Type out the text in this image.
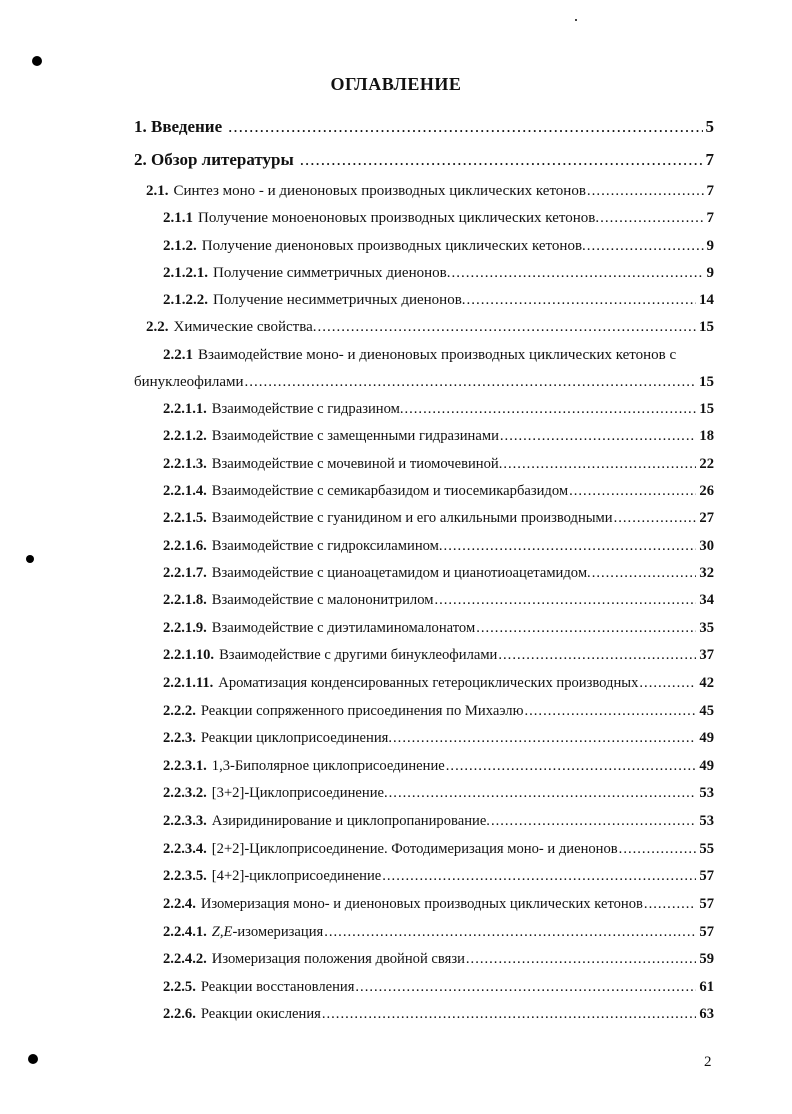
ОГЛАВЛЕНИЕ
1. Введение .....	5
2. Обзор литературы .....	7
2.1. Синтез моно - и диеноновых производных циклических кетонов .....	7
2.1.1 Получение моноеноновых производных циклических кетонов. .....	7
2.1.2. Получение диеноновых производных циклических кетонов. .....	9
2.1.2.1. Получение симметричных диенонов. .....	9
2.1.2.2. Получение несимметричных диенонов. .....	14
2.2. Химические свойства. .....	15
2.2.1 Взаимодействие моно- и диеноновых производных циклических кетонов с
бинуклеофилами .....	15
2.2.1.1. Взаимодействие с гидразином. .....	15
2.2.1.2. Взаимодействие с замещенными гидразинами .....	18
2.2.1.3. Взаимодействие с мочевиной и тиомочевиной. .....	22
2.2.1.4. Взаимодействие с семикарбазидом и тиосемикарбазидом .....	26
2.2.1.5. Взаимодействие с гуанидином и его алкильными производными .....	27
2.2.1.6. Взаимодействие с гидроксиламином. .....	30
2.2.1.7. Взаимодействие с цианоацетамидом и цианотиоацетамидом. .....	32
2.2.1.8. Взаимодействие с малононитрилом .....	34
2.2.1.9. Взаимодействие с диэтиламиномалонатом .....	35
2.2.1.10. Взаимодействие с другими бинуклеофилами .....	37
2.2.1.11. Ароматизация конденсированных гетероциклических производных .....	42
2.2.2. Реакции сопряженного присоединения по Михаэлю .....	45
2.2.3. Реакции циклоприсоединения. .....	49
2.2.3.1. 1,3-Биполярное циклоприсоединение .....	49
2.2.3.2. [3+2]-Циклоприсоединение. .....	53
2.2.3.3. Азиридинирование и циклопропанирование. .....	53
2.2.3.4. [2+2]-Циклоприсоединение. Фотодимеризация моно- и диенонов .....	55
2.2.3.5. [4+2]-циклоприсоединение .....	57
2.2.4. Изомеризация моно- и диеноновых производных циклических кетонов .....	57
2.2.4.1. Z,E -изомеризация .....	57
2.2.4.2. Изомеризация положения двойной связи .....	59
2.2.5. Реакции восстановления .....	61
2.2.6. Реакции окисления .....	63
2
